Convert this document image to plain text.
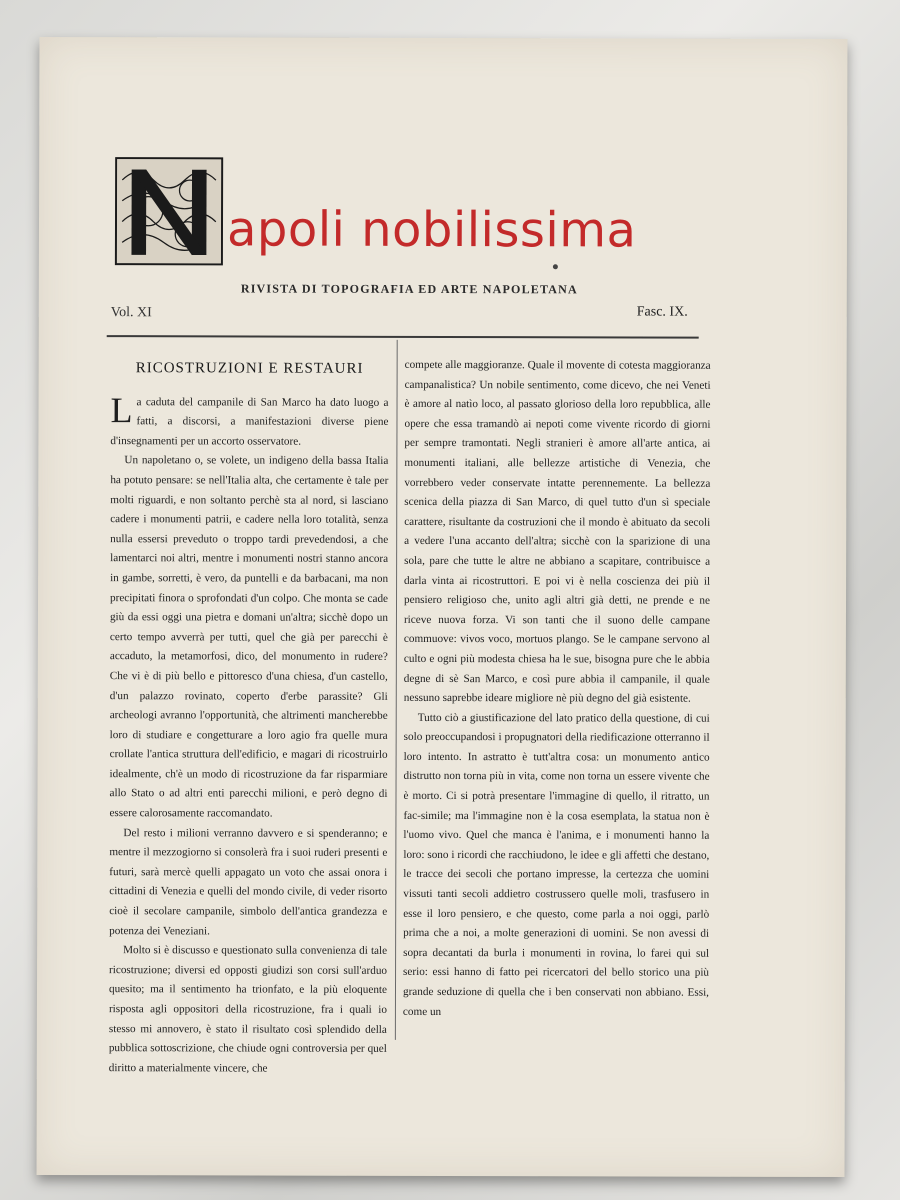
apoli nobilissima
RIVISTA DI TOPOGRAFIA ED ARTE NAPOLETANA
Vol. XI	Fasc. IX.
RICOSTRUZIONI E RESTAURI

La caduta del campanile di San Marco ha dato luogo a fatti, a discorsi, a manifestazioni diverse piene d'insegnamenti per un accorto osservatore.

Un napoletano o, se volete, un indigeno della bassa Italia ha potuto pensare: se nell'Italia alta, che certamente è tale per molti riguardi, e non soltanto perchè sta al nord, si lasciano cadere i monumenti patrii, e cadere nella loro totalità, senza nulla essersi preveduto o troppo tardi prevedendosi, a che lamentarci noi altri, mentre i monumenti nostri stanno ancora in gambe, sorretti, è vero, da puntelli e da barbacani, ma non precipitati finora o sprofondati d'un colpo. Che monta se cade giù da essi oggi una pietra e domani un'altra; sicchè dopo un certo tempo avverrà per tutti, quel che già per parecchi è accaduto, la metamorfosi, dico, del monumento in rudere? Che vi è di più bello e pittoresco d'una chiesa, d'un castello, d'un palazzo rovinato, coperto d'erbe parassite? Gli archeologi avranno l'opportunità, che altrimenti mancherebbe loro di studiare e congetturare a loro agio fra quelle mura crollate l'antica struttura dell'edificio, e magari di ricostruirlo idealmente, ch'è un modo di ricostruzione da far risparmiare allo Stato o ad altri enti parecchi milioni, e però degno di essere calorosamente raccomandato.

Del resto i milioni verranno davvero e si spenderanno; e mentre il mezzogiorno si consolerà fra i suoi ruderi presenti e futuri, sarà mercè quelli appagato un voto che assai onora i cittadini di Venezia e quelli del mondo civile, di veder risorto cioè il secolare campanile, simbolo dell'antica grandezza e potenza dei Veneziani.

Molto si è discusso e questionato sulla convenienza di tale ricostruzione; diversi ed opposti giudizi son corsi sull'arduo quesito; ma il sentimento ha trionfato, e la più eloquente risposta agli oppositori della ricostruzione, fra i quali io stesso mi annovero, è stato il risultato così splendido della pubblica sottoscrizione, che chiude ogni controversia per quel diritto a materialmente vincere, che

compete alle maggioranze. Quale il movente di cotesta maggioranza campanalistica? Un nobile sentimento, come dicevo, che nei Veneti è amore al natìo loco, al passato glorioso della loro repubblica, alle opere che essa tramandò ai nepoti come vivente ricordo di giorni per sempre tramontati. Negli stranieri è amore all'arte antica, ai monumenti italiani, alle bellezze artistiche di Venezia, che vorrebbero veder conservate intatte perennemente. La bellezza scenica della piazza di San Marco, di quel tutto d'un sì speciale carattere, risultante da costruzioni che il mondo è abituato da secoli a vedere l'una accanto dell'altra; sicchè con la sparizione di una sola, pare che tutte le altre ne abbiano a scapitare, contribuisce a darla vinta ai ricostruttori. E poi vi è nella coscienza dei più il pensiero religioso che, unito agli altri già detti, ne prende e ne riceve nuova forza. Vi son tanti che il suono delle campane commuove: vivos voco, mortuos plango. Se le campane servono al culto e ogni più modesta chiesa ha le sue, bisogna pure che le abbia degne di sè San Marco, e così pure abbia il campanile, il quale nessuno saprebbe ideare migliore nè più degno del già esistente.

Tutto ciò a giustificazione del lato pratico della questione, di cui solo preoccupandosi i propugnatori della riedificazione otterranno il loro intento. In astratto è tutt'altra cosa: un monumento antico distrutto non torna più in vita, come non torna un essere vivente che è morto. Ci si potrà presentare l'immagine di quello, il ritratto, un fac-simile; ma l'immagine non è la cosa esemplata, la statua non è l'uomo vivo. Quel che manca è l'anima, e i monumenti hanno la loro: sono i ricordi che racchiudono, le idee e gli affetti che destano, le tracce dei secoli che portano impresse, la certezza che uomini vissuti tanti secoli addietro costrussero quelle moli, trasfusero in esse il loro pensiero, e che questo, come parla a noi oggi, parlò prima che a noi, a molte generazioni di uomini. Se non avessi di sopra decantati da burla i monumenti in rovina, lo farei qui sul serio: essi hanno di fatto pei ricercatori del bello storico una più grande seduzione di quella che i ben conservati non abbiano. Essi, come un
